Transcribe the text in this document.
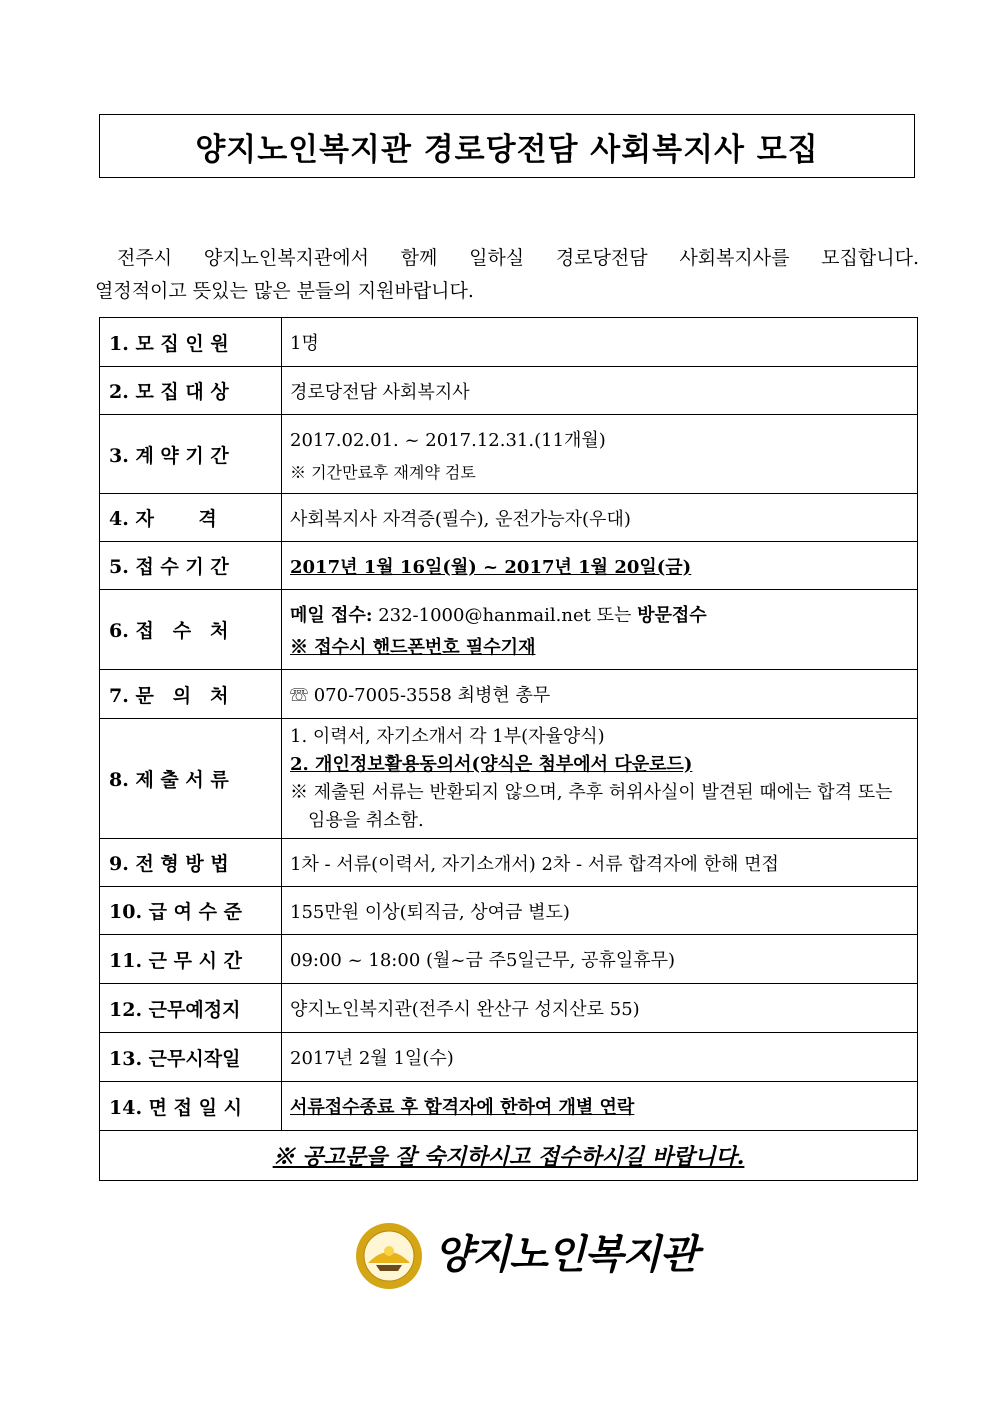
양지노인복지관 경로당전담 사회복지사 모집

전주시 양지노인복지관에서 함께 일하실 경로당전담 사회복지사를 모집합니다.

열정적이고 뜻있는 많은 분들의 지원바랍니다.

1. 모 집 인 원	1명
2. 모 집 대 상	경로당전담 사회복지사
3. 계 약 기 간	2017.02.01. ~ 2017.12.31.(11개월)
※ 기간만료후 재계약 검토

4. 자　　 격	사회복지사 자격증(필수), 운전가능자(우대)
5. 접 수 기 간	2017년 1월 16일(월) ~ 2017년 1월 20일(금)
6. 접　수　처	메일 접수: 232-1000@hanmail.net 또는 방문접수
※ 접수시 핸드폰번호 필수기재

7. 문　의　처	☏ 070-7005-3558 최병현 총무
8. 제 출 서 류	1. 이력서, 자기소개서 각 1부(자율양식)
2. 개인정보활용동의서(양식은 첨부에서 다운로드)
※ 제출된 서류는 반환되지 않으며, 추후 허위사실이 발견된 때에는 합격 또는 임용을 취소함.

9. 전 형 방 법	1차 - 서류(이력서, 자기소개서) 2차 - 서류 합격자에 한해 면접
10. 급 여 수 준	155만원 이상(퇴직금, 상여금 별도)
11. 근 무 시 간	09:00 ~ 18:00 (월~금 주5일근무, 공휴일휴무)
12. 근무예정지	양지노인복지관(전주시 완산구 성지산로 55)
13. 근무시작일	2017년 2월 1일(수)
14. 면 접 일 시	서류접수종료 후 합격자에 한하여 개별 연락
※ 공고문을 잘 숙지하시고 접수하시길 바랍니다.	
양지노인복지관
